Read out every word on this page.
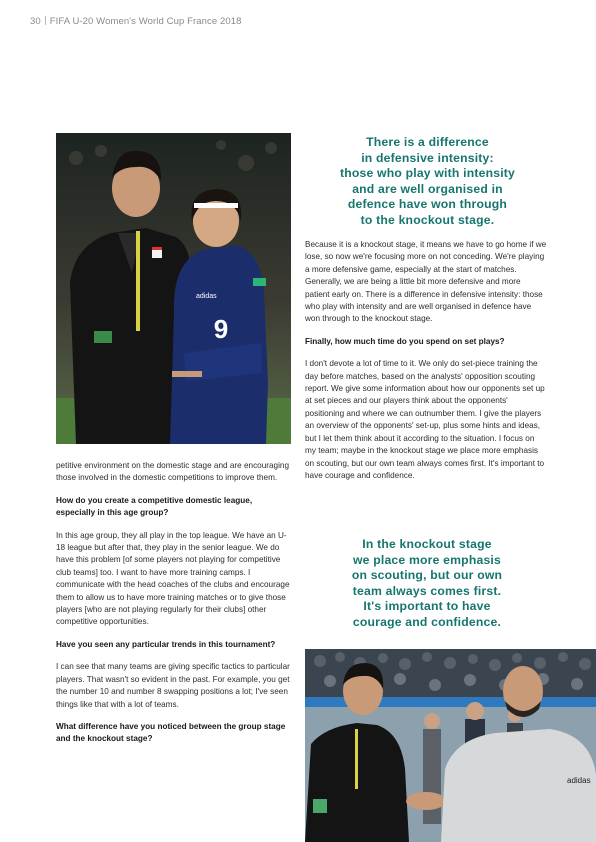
30 FIFA U-20 Women's World Cup France 2018
9
adidas
There is a difference
in defensive intensity:
those who play with intensity
and are well organised in
defence have won through
to the knockout stage.

Because it is a knockout stage, it means we have to go home if we lose, so now we're focusing more on not conceding. We're playing a more defensive game, especially at the start of matches. Generally, we are being a little bit more defensive and more patient early on. There is a difference in defensive intensity: those who play with intensity and are well organised in defence have won through to the knockout stage.

Finally, how much time do you spend on set plays?

I don't devote a lot of time to it. We only do set-piece training the day before matches, based on the analysts' opposition scouting report. We give some information about how our opponents set up at set pieces and our players think about the opponents' positioning and where we can outnumber them. I give the players an overview of the opponents' set-up, plus some hints and ideas, but I let them think about it according to the situation. I focus on my team; maybe in the knockout stage we place more emphasis on scouting, but our own team always comes first. It's important to have courage and confidence.

In the knockout stage
we place more emphasis
on scouting, but our own
team always comes first.
It's important to have
courage and confidence.

petitive environment on the domestic stage and are encouraging those involved in the domestic competitions to improve them.

How do you create a competitive domestic league, especially in this age group?

In this age group, they all play in the top league. We have an U-18 league but after that, they play in the senior league. We do have this problem [of some players not playing for competitive club teams] too. I want to have more training camps. I communicate with the head coaches of the clubs and encourage them to allow us to have more training matches or to give those players [who are not playing regularly for their clubs] other competitive opportunities.

Have you seen any particular trends in this tournament?

I can see that many teams are giving specific tactics to particular players. That wasn't so evident in the past. For example, you get the number 10 and number 8 swapping positions a lot; I've seen things like that with a lot of teams.

What difference have you noticed between the group stage and the knockout stage?

adidas
